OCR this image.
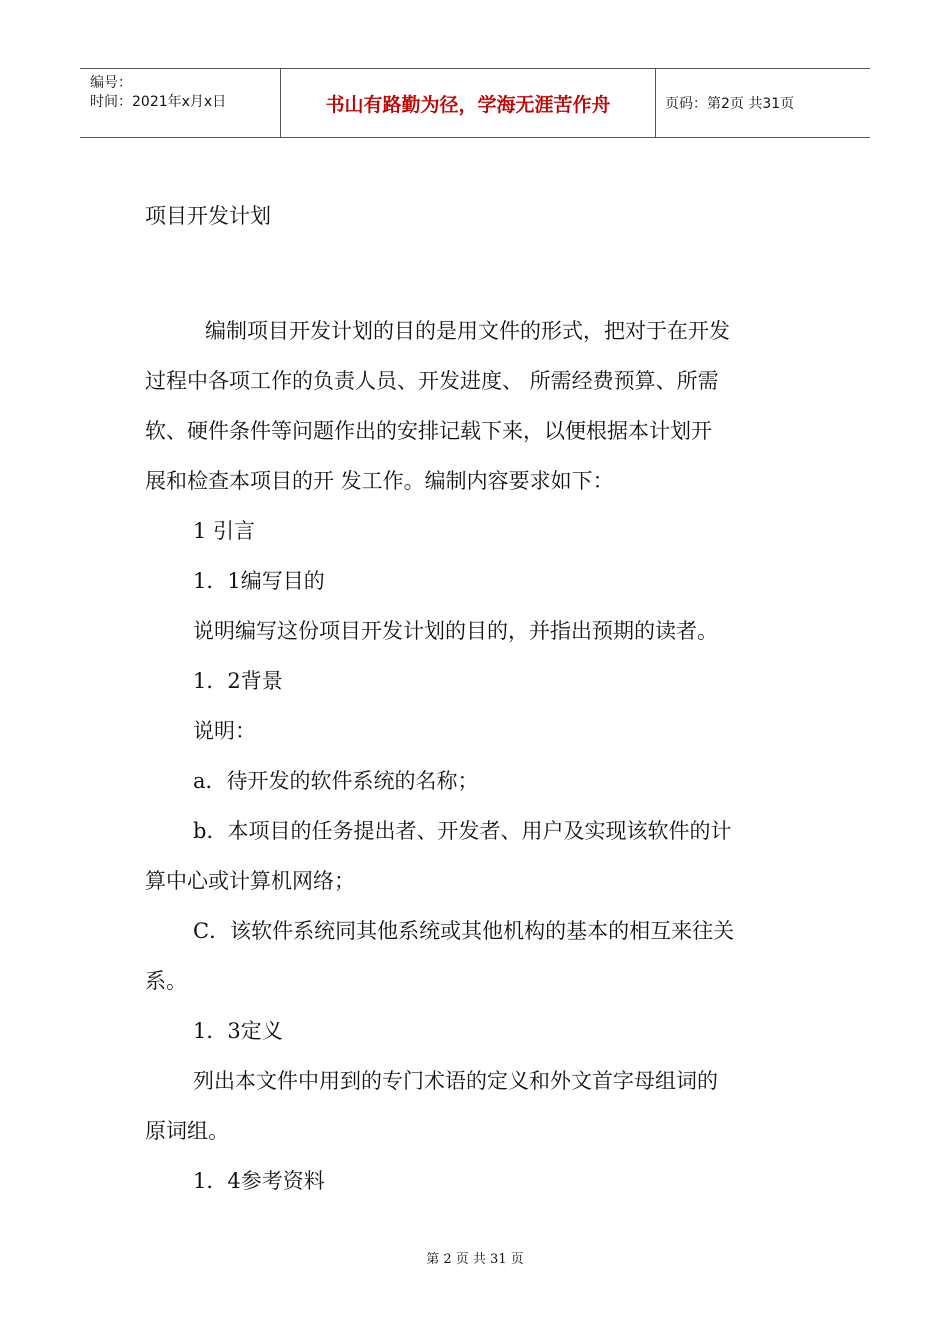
编号：
时间：2021年x月x日	书山有路勤为径，学海无涯苦作舟	页码：第2页 共31页
项目开发计划
编制项目开发计划的目的是用文件的形式，把对于在开发
过程中各项工作的负责人员、开发进度、 所需经费预算、所需
软、硬件条件等问题作出的安排记载下来，以便根据本计划开
展和检查本项目的开 发工作。编制内容要求如下：
1 引言
1．1编写目的
说明编写这份项目开发计划的目的，并指出预期的读者。
1．2背景
说明：
a．待开发的软件系统的名称；
b．本项目的任务提出者、开发者、用户及实现该软件的计
算中心或计算机网络；
C．该软件系统同其他系统或其他机构的基本的相互来往关
系。
1．3定义
列出本文件中用到的专门术语的定义和外文首字母组词的
原词组。
1．4参考资料
第 2 页 共 31 页
